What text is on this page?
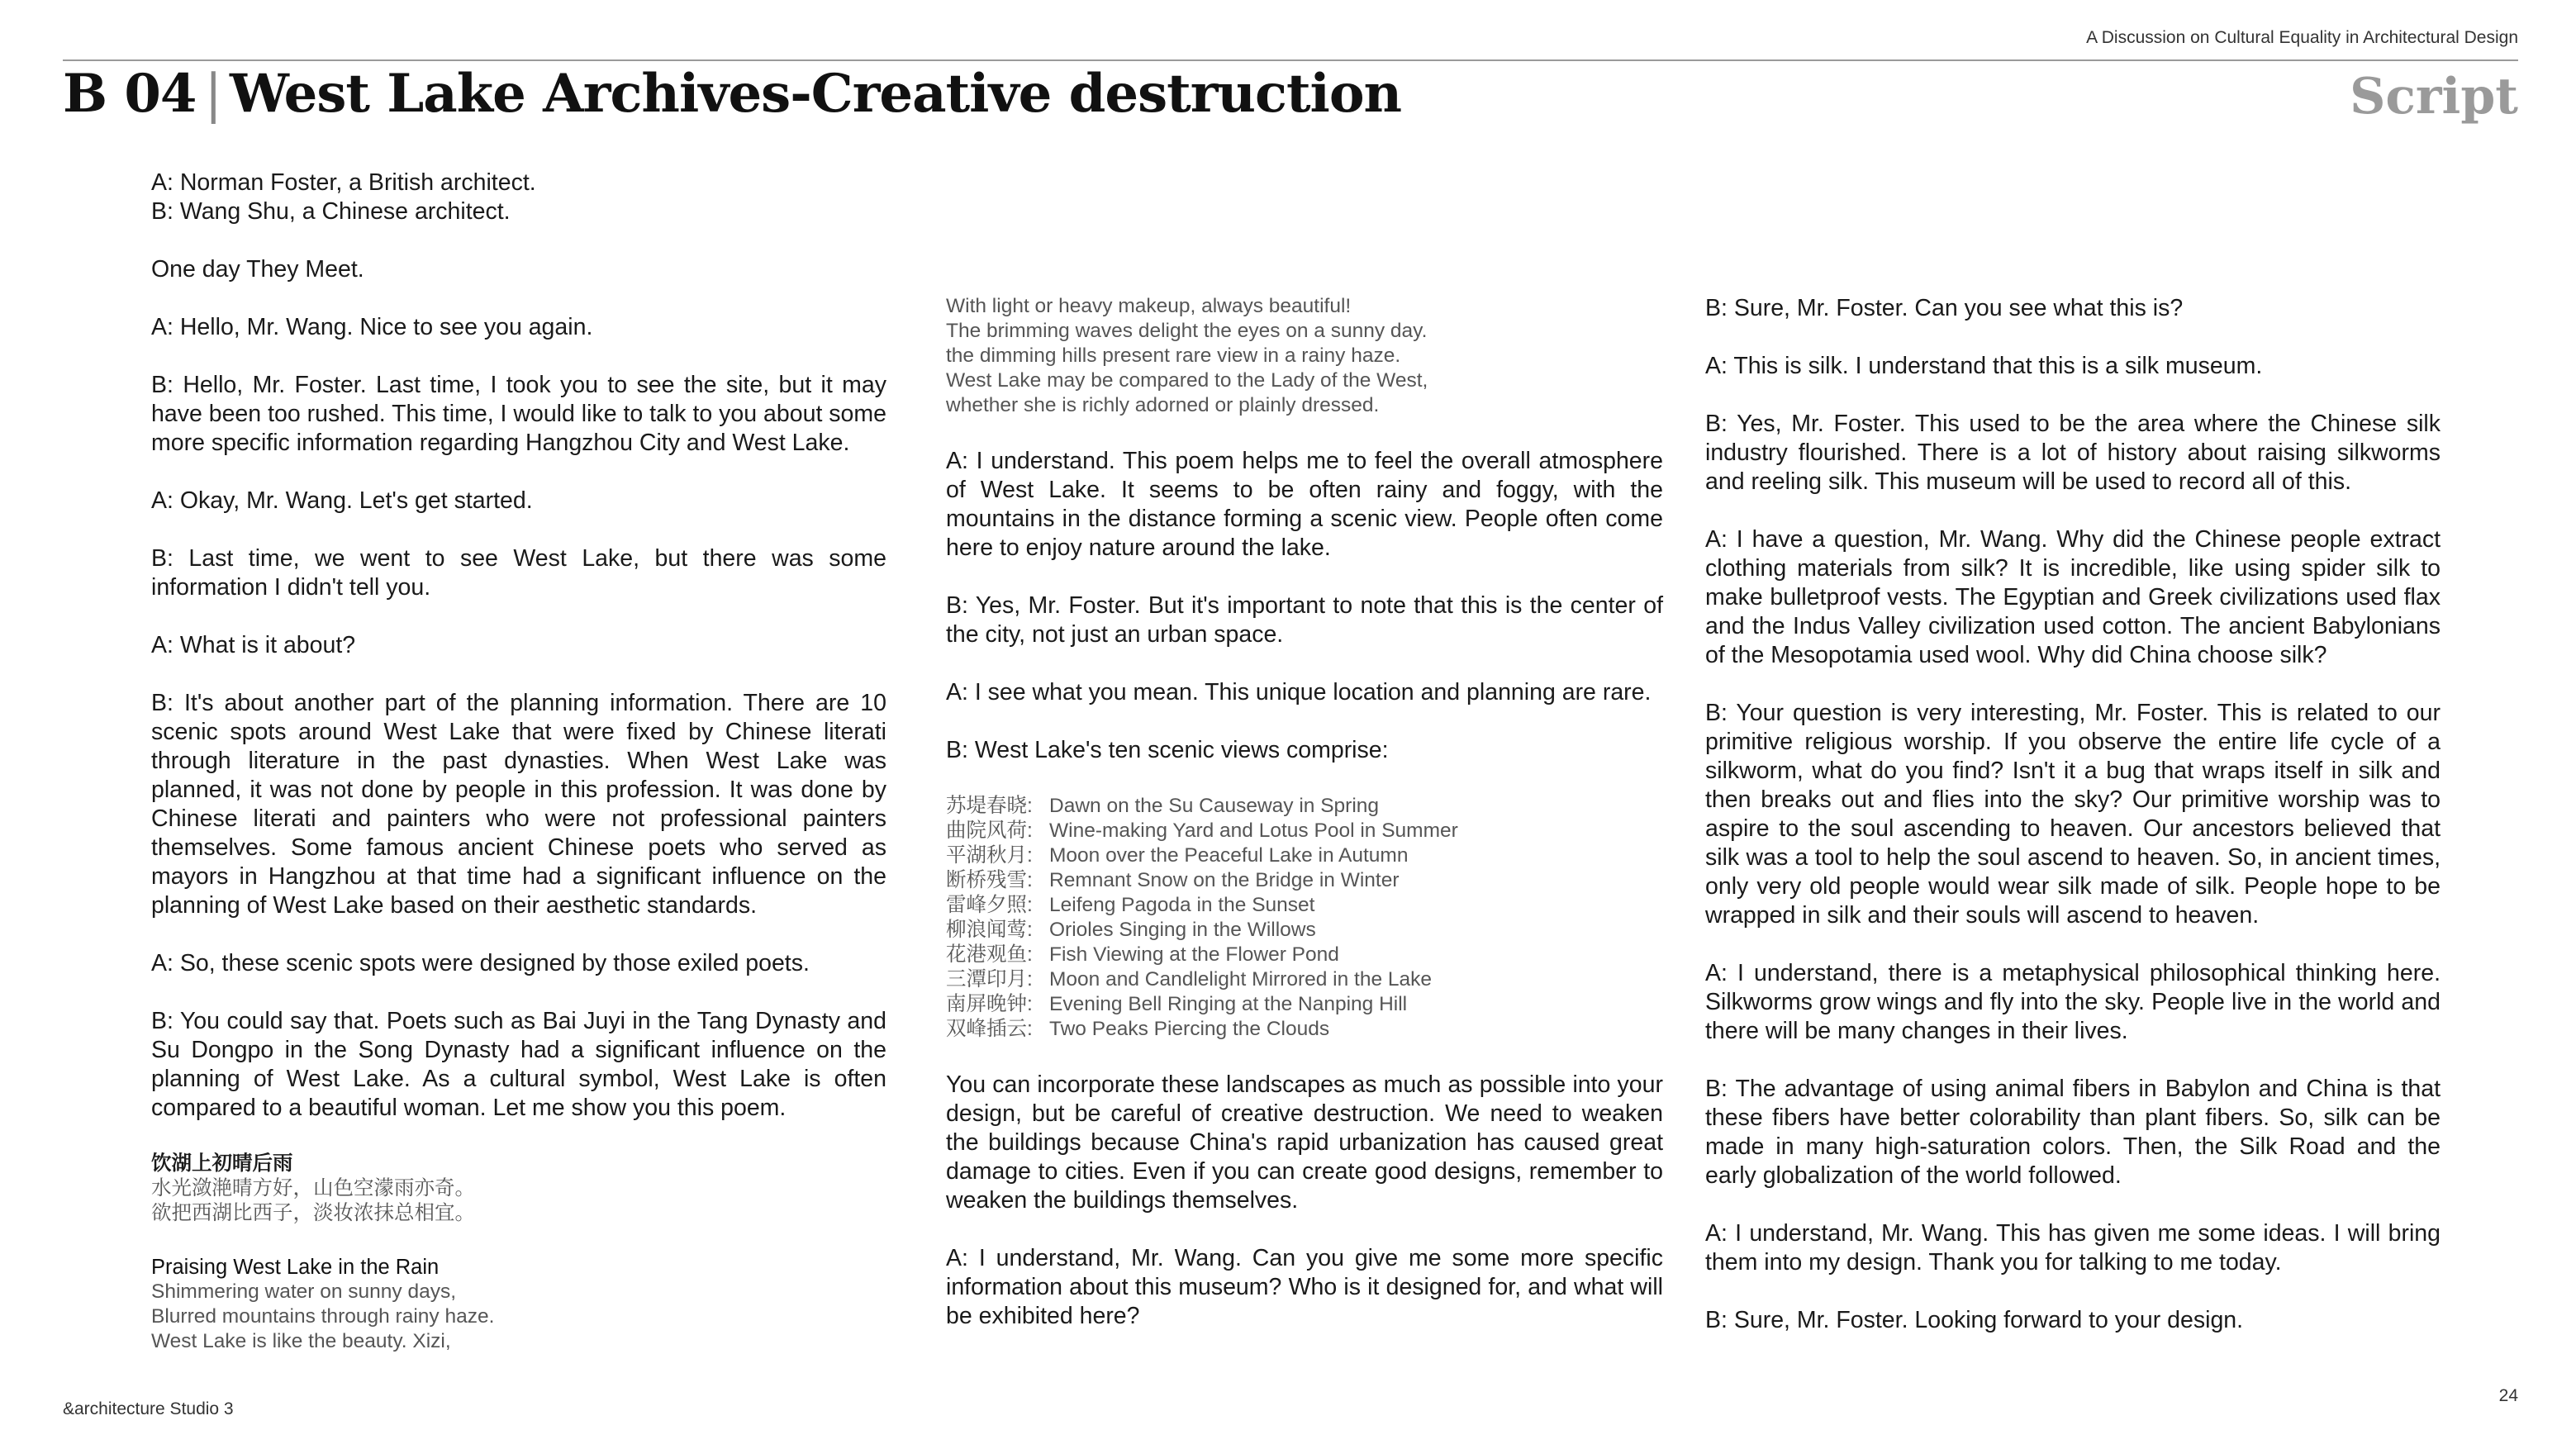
A Discussion on Cultural Equality in Architectural Design
B 04 | West Lake Archives-Creative destruction	Script

A: Norman Foster, a British architect.

B: Wang Shu, a Chinese architect.

One day They Meet.

A: Hello, Mr. Wang. Nice to see you again.

B: Hello, Mr. Foster. Last time, I took you to see the site, but it may have been too rushed. This time, I would like to talk to you about some more specific information regarding Hangzhou City and West Lake.

A: Okay, Mr. Wang. Let's get started.

B: Last time, we went to see West Lake, but there was some information I didn't tell you.

A: What is it about?

B: It's about another part of the planning information. There are 10 scenic spots around West Lake that were fixed by Chinese literati through literature in the past dynasties. When West Lake was planned, it was not done by people in this profession. It was done by Chinese literati and painters who were not professional painters themselves. Some famous ancient Chinese poets who served as mayors in Hangzhou at that time had a significant influence on the planning of West Lake based on their aesthetic standards.

A: So, these scenic spots were designed by those exiled poets.

B: You could say that. Poets such as Bai Juyi in the Tang Dynasty and Su Dongpo in the Song Dynasty had a significant influence on the planning of West Lake. As a cultural symbol, West Lake is often compared to a beautiful woman. Let me show you this poem.

饮湖上初晴后雨
水光潋滟晴方好，山色空濛雨亦奇。
欲把西湖比西子，淡妆浓抹总相宜。
Praising West Lake in the Rain
Shimmering water on sunny days,
Blurred mountains through rainy haze.
West Lake is like the beauty. Xizi,
With light or heavy makeup, always beautiful!
The brimming waves delight the eyes on a sunny day.
the dimming hills present rare view in a rainy haze.
West Lake may be compared to the Lady of the West,
whether she is richly adorned or plainly dressed.

A: I understand. This poem helps me to feel the overall atmosphere of West Lake. It seems to be often rainy and foggy, with the mountains in the distance forming a scenic view. People often come here to enjoy nature around the lake.

B: Yes, Mr. Foster. But it's important to note that this is the center of the city, not just an urban space.

A: I see what you mean. This unique location and planning are rare.

B: West Lake's ten scenic views comprise:

苏堤春晓: Dawn on the Su Causeway in Spring
曲院风荷: Wine-making Yard and Lotus Pool in Summer
平湖秋月: Moon over the Peaceful Lake in Autumn
断桥残雪: Remnant Snow on the Bridge in Winter
雷峰夕照: Leifeng Pagoda in the Sunset
柳浪闻莺: Orioles Singing in the Willows
花港观鱼: Fish Viewing at the Flower Pond
三潭印月: Moon and Candlelight Mirrored in the Lake
南屏晚钟: Evening Bell Ringing at the Nanping Hill
双峰插云: Two Peaks Piercing the Clouds

You can incorporate these landscapes as much as possible into your design, but be careful of creative destruction. We need to weaken the buildings because China's rapid urbanization has caused great damage to cities. Even if you can create good designs, remember to weaken the buildings themselves.

A: I understand, Mr. Wang. Can you give me some more specific information about this museum? Who is it designed for, and what will be exhibited here?

B: Sure, Mr. Foster. Can you see what this is?

A: This is silk. I understand that this is a silk museum.

B: Yes, Mr. Foster. This used to be the area where the Chinese silk industry flourished. There is a lot of history about raising silkworms and reeling silk. This museum will be used to record all of this.

A: I have a question, Mr. Wang. Why did the Chinese people extract clothing materials from silk? It is incredible, like using spider silk to make bulletproof vests. The Egyptian and Greek civilizations used flax and the Indus Valley civilization used cotton. The ancient Babylonians of the Mesopotamia used wool. Why did China choose silk?

B: Your question is very interesting, Mr. Foster. This is related to our primitive religious worship. If you observe the entire life cycle of a silkworm, what do you find? Isn't it a bug that wraps itself in silk and then breaks out and flies into the sky? Our primitive worship was to aspire to the soul ascending to heaven. Our ancestors believed that silk was a tool to help the soul ascend to heaven. So, in ancient times, only very old people would wear silk made of silk. People hope to be wrapped in silk and their souls will ascend to heaven.

A: I understand, there is a metaphysical philosophical thinking here. Silkworms grow wings and fly into the sky. People live in the world and there will be many changes in their lives.

B: The advantage of using animal fibers in Babylon and China is that these fibers have better colorability than plant fibers. So, silk can be made in many high-saturation colors. Then, the Silk Road and the early globalization of the world followed.

A: I understand, Mr. Wang. This has given me some ideas. I will bring them into my design. Thank you for talking to me today.

B: Sure, Mr. Foster. Looking forward to your design.

&architecture Studio 3
24
